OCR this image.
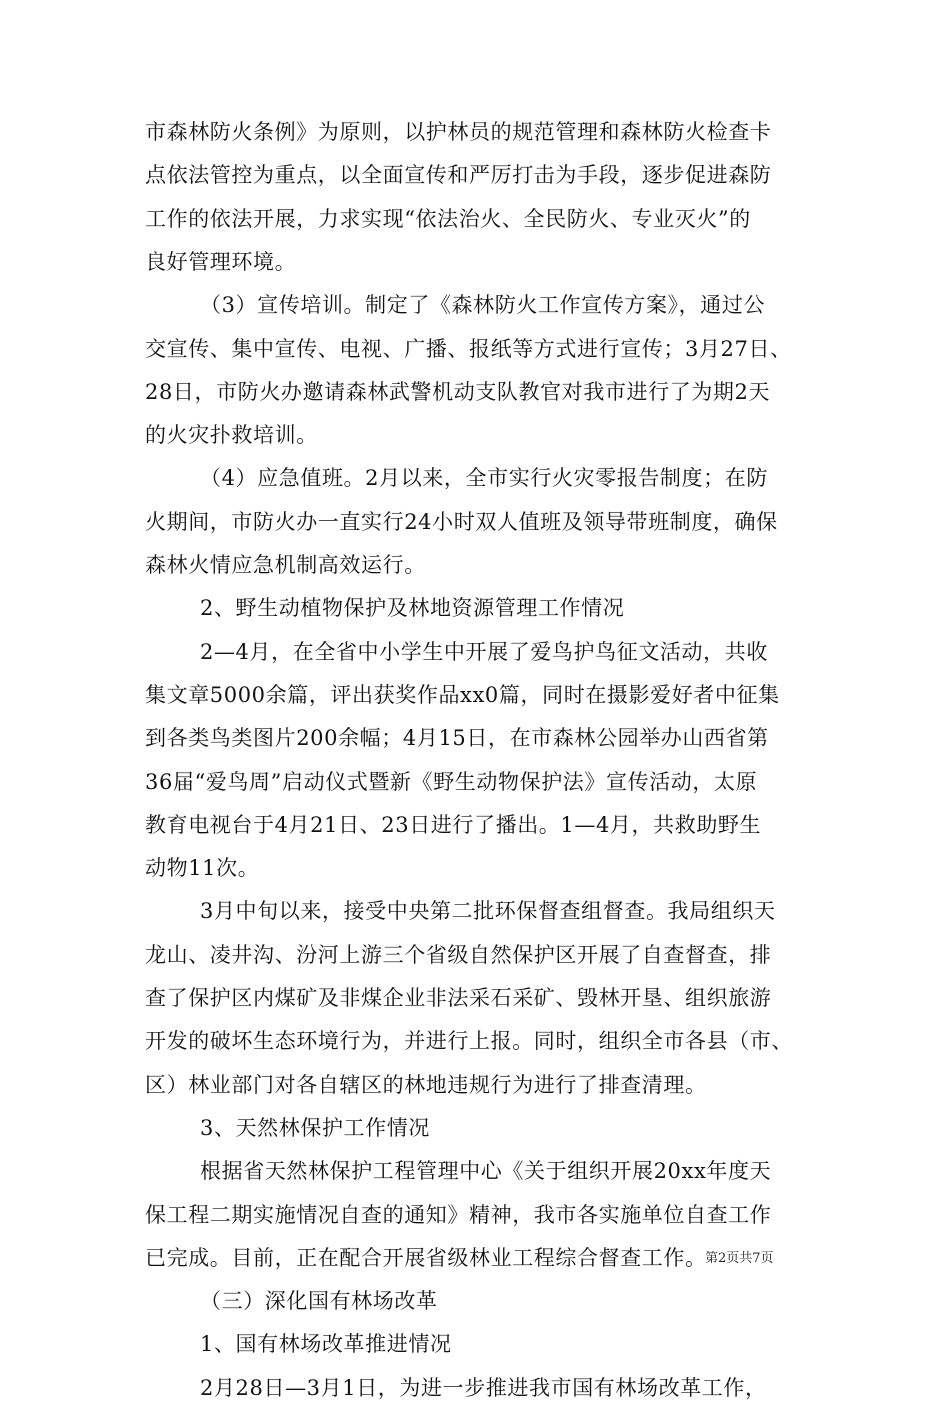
市森林防火条例》为原则，以护林员的规范管理和森林防火检查卡
点依法管控为重点，以全面宣传和严厉打击为手段，逐步促进森防
工作的依法开展，力求实现“依法治火、全民防火、专业灭火”的
良好管理环境。
（3）宣传培训。制定了《森林防火工作宣传方案》，通过公
交宣传、集中宣传、电视、广播、报纸等方式进行宣传；3月27日、
28日，市防火办邀请森林武警机动支队教官对我市进行了为期2天
的火灾扑救培训。
（4）应急值班。2月以来，全市实行火灾零报告制度；在防
火期间，市防火办一直实行24小时双人值班及领导带班制度，确保
森林火情应急机制高效运行。
2、野生动植物保护及林地资源管理工作情况
2—4月，在全省中小学生中开展了爱鸟护鸟征文活动，共收
集文章5000余篇，评出获奖作品xx0篇，同时在摄影爱好者中征集
到各类鸟类图片200余幅；4月15日，在市森林公园举办山西省第
36届“爱鸟周”启动仪式暨新《野生动物保护法》宣传活动，太原
教育电视台于4月21日、23日进行了播出。1—4月，共救助野生
动物11次。
3月中旬以来，接受中央第二批环保督查组督查。我局组织天
龙山、凌井沟、汾河上游三个省级自然保护区开展了自查督查，排
查了保护区内煤矿及非煤企业非法采石采矿、毁林开垦、组织旅游
开发的破坏生态环境行为，并进行上报。同时，组织全市各县（市、
区）林业部门对各自辖区的林地违规行为进行了排查清理。
3、天然林保护工作情况
根据省天然林保护工程管理中心《关于组织开展20xx年度天
保工程二期实施情况自查的通知》精神，我市各实施单位自查工作
已完成。目前，正在配合开展省级林业工程综合督查工作。
（三）深化国有林场改革
1、国有林场改革推进情况
2月28日—3月1日，为进一步推进我市国有林场改革工作，
第2页共7页
